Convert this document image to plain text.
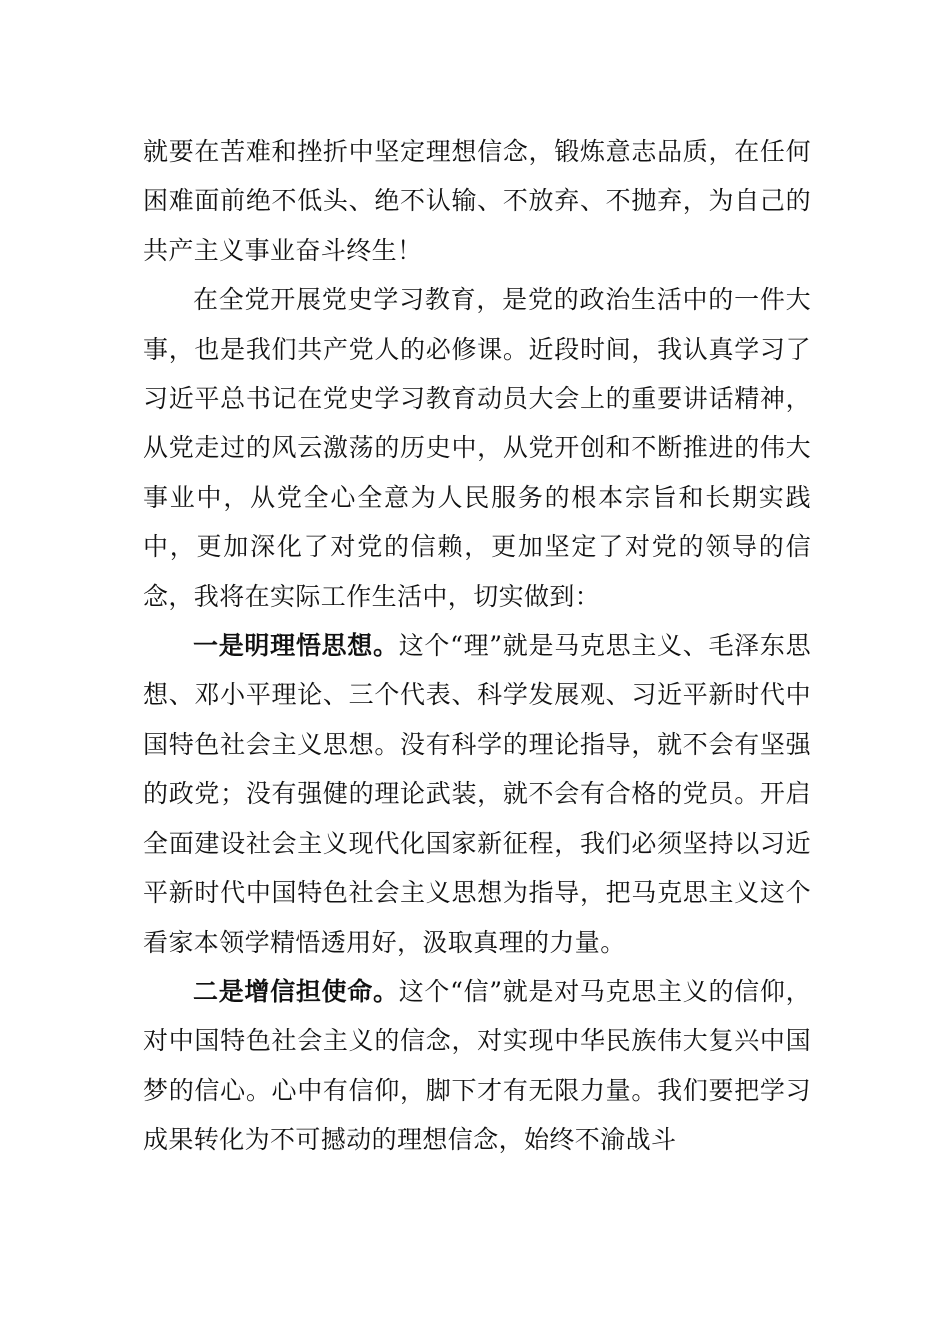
就要在苦难和挫折中坚定理想信念，锻炼意志品质，在任何困难面前绝不低头、绝不认输、不放弃、不抛弃，为自己的共产主义事业奋斗终生！

在全党开展党史学习教育，是党的政治生活中的一件大事，也是我们共产党人的必修课。近段时间，我认真学习了习近平总书记在党史学习教育动员大会上的重要讲话精神，从党走过的风云激荡的历史中，从党开创和不断推进的伟大事业中，从党全心全意为人民服务的根本宗旨和长期实践中，更加深化了对党的信赖，更加坚定了对党的领导的信念，我将在实际工作生活中，切实做到：

一是明理悟思想。这个“理”就是马克思主义、毛泽东思想、邓小平理论、三个代表、科学发展观、习近平新时代中国特色社会主义思想。没有科学的理论指导，就不会有坚强的政党；没有强健的理论武装，就不会有合格的党员。开启全面建设社会主义现代化国家新征程，我们必须坚持以习近平新时代中国特色社会主义思想为指导，把马克思主义这个看家本领学精悟透用好，汲取真理的力量。

二是增信担使命。这个“信”就是对马克思主义的信仰，对中国特色社会主义的信念，对实现中华民族伟大复兴中国梦的信心。心中有信仰，脚下才有无限力量。我们要把学习成果转化为不可撼动的理想信念，始终不渝战斗
